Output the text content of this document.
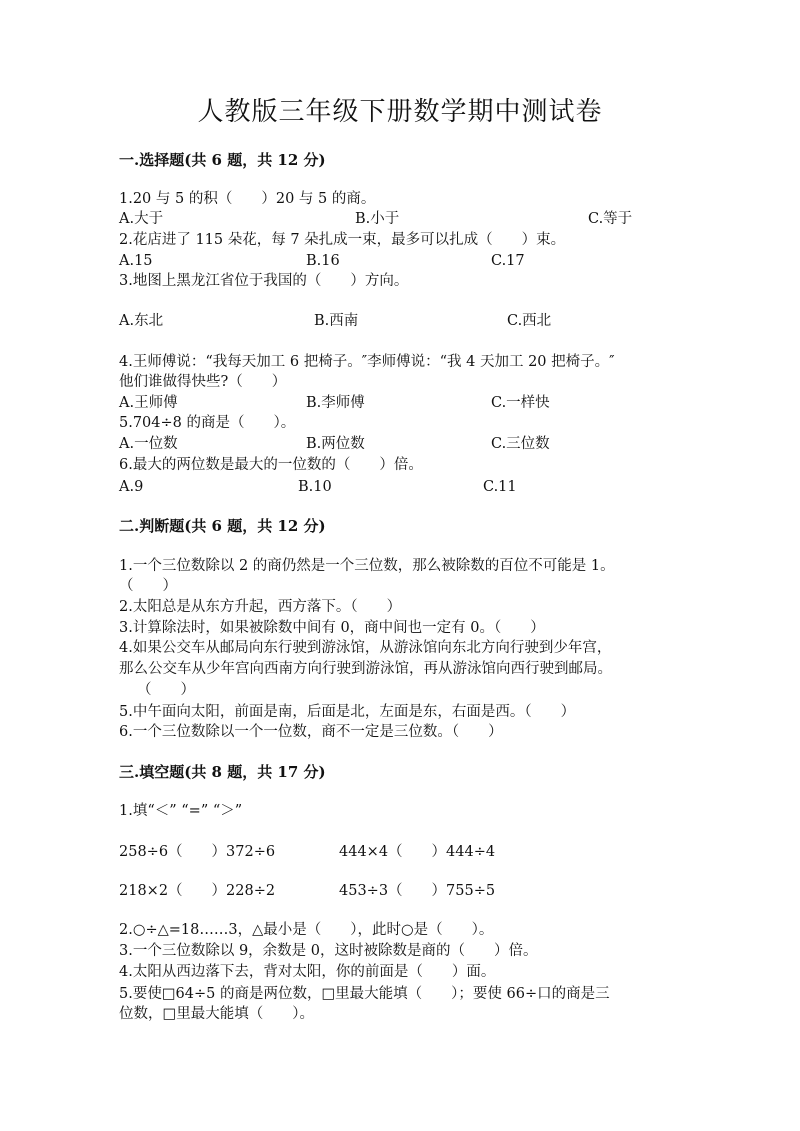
人教版三年级下册数学期中测试卷
一.选择题(共 6 题，共 12 分)
1.20 与 5 的积（　　）20 与 5 的商。
A.大于	B.小于	C.等于
2.花店进了 115 朵花，每 7 朵扎成一束，最多可以扎成（　　）束。
A.15	B.16	C.17
3.地图上黑龙江省位于我国的（　　）方向。
A.东北	B.西南	C.西北
4.王师傅说：“我每天加工 6 把椅子。″李师傅说：“我 4 天加工 20 把椅子。″
他们谁做得快些?（　　）
A.王师傅	B.李师傅	C.一样快
5.704÷8 的商是（　　）。
A.一位数	B.两位数	C.三位数
6.最大的两位数是最大的一位数的（　　）倍。
A.9	B.10	C.11
二.判断题(共 6 题，共 12 分)
1.一个三位数除以 2 的商仍然是一个三位数，那么被除数的百位不可能是 1。
（　　）
2.太阳总是从东方升起，西方落下。（　　）
3.计算除法时，如果被除数中间有 0，商中间也一定有 0。（　　）
4.如果公交车从邮局向东行驶到游泳馆，从游泳馆向东北方向行驶到少年宫，
那么公交车从少年宫向西南方向行驶到游泳馆，再从游泳馆向西行驶到邮局。
（　　）
5.中午面向太阳，前面是南，后面是北，左面是东，右面是西。（　　）
6.一个三位数除以一个一位数，商不一定是三位数。（　　）
三.填空题(共 8 题，共 17 分)
1.填“＜” “=” “＞”
258÷6（　　）372÷6	444×4（　　）444÷4
218×2（　　）228÷2	453÷3（　　）755÷5
2.○÷△=18……3，△最小是（　　），此时○是（　　）。
3.一个三位数除以 9，余数是 0，这时被除数是商的（　　）倍。
4.太阳从西边落下去，背对太阳，你的前面是（　　）面。
5.要使□64÷5 的商是两位数，□里最大能填（　　）；要使 66÷口的商是三
位数，□里最大能填（　　）。
